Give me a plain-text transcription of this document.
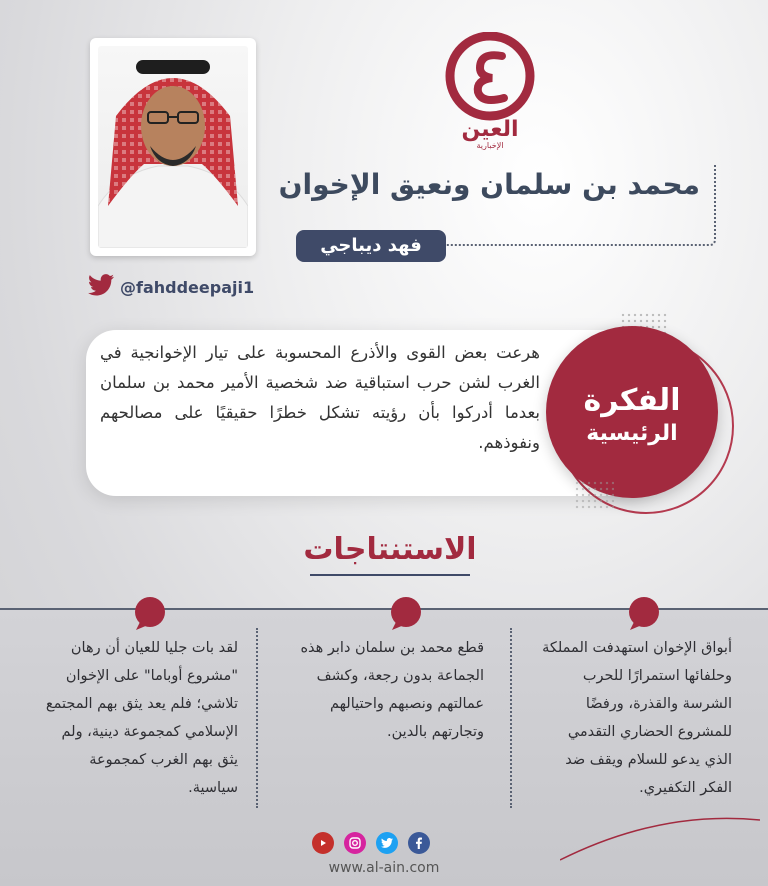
العين
الإخبارية
محمد بن سلمان ونعيق الإخوان
فهد ديباجي
@fahddeepaji1
هرعت بعض القوى والأذرع المحسوبة على تيار الإخوانجية في الغرب لشن حرب استباقية ضد شخصية الأمير محمد بن سلمان بعدما أدركوا بأن رؤيته تشكل خطرًا حقيقيًا على مصالحهم ونفوذهم.
الفكرة
الرئيسية
الاستنتاجات
أبواق الإخوان استهدفت المملكة وحلفائها استمرارًا للحرب الشرسة والقذرة، ورفضًا للمشروع الحضاري التقدمي الذي يدعو للسلام ويقف ضد الفكر التكفيري.
قطع محمد بن سلمان دابر هذه الجماعة بدون رجعة، وكشف عمالتهم ونصبهم واحتيالهم وتجارتهم بالدين.
لقد بات جليا للعيان أن رهان "مشروع أوباما" على الإخوان تلاشي؛ فلم يعد يثق بهم المجتمع الإسلامي كمجموعة دينية، ولم يثق بهم الغرب كمجموعة سياسية.
www.al-ain.com
